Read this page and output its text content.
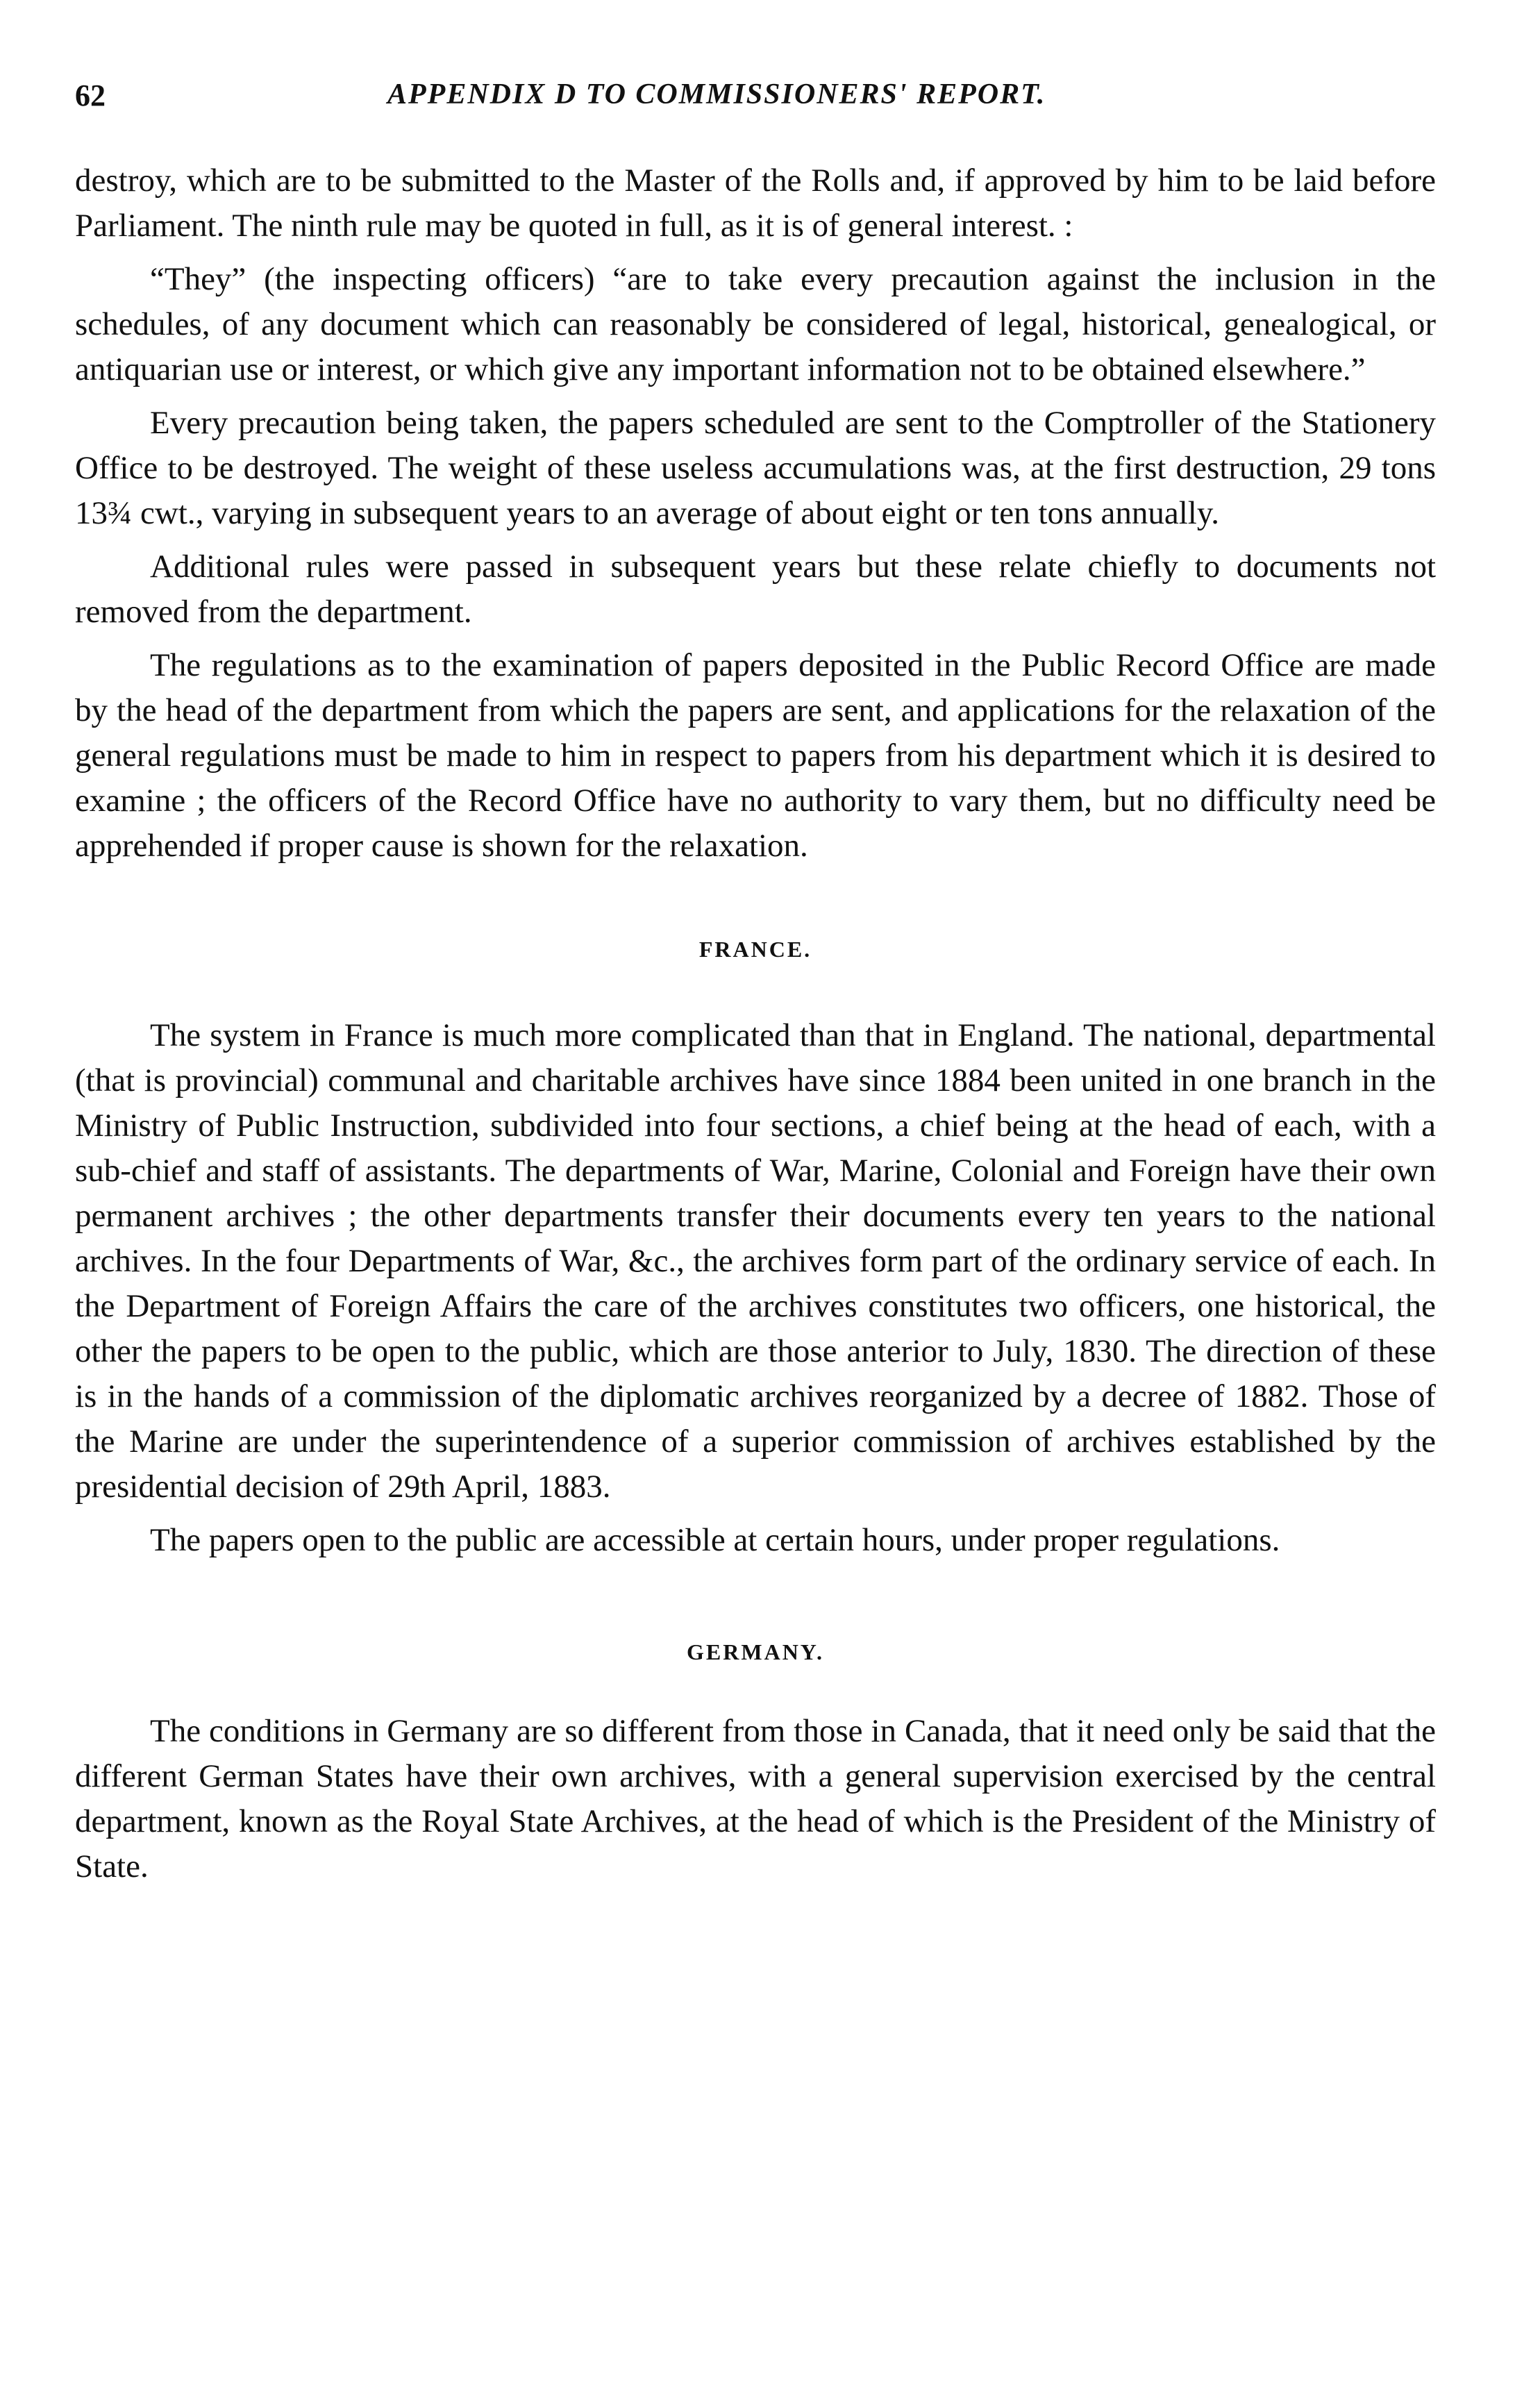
62	APPENDIX D TO COMMISSIONERS' REPORT.

destroy, which are to be submitted to the Master of the Rolls and, if approved by him to be laid before Parliament. The ninth rule may be quoted in full, as it is of general interest. :

“They” (the inspecting officers) “are to take every precaution against the inclusion in the schedules, of any document which can reasonably be considered of legal, historical, genealogical, or antiquarian use or interest, or which give any important information not to be obtained elsewhere.”

Every precaution being taken, the papers scheduled are sent to the Comptroller of the Stationery Office to be destroyed. The weight of these useless accumulations was, at the first destruction, 29 tons 13¾ cwt., varying in subsequent years to an average of about eight or ten tons annually.

Additional rules were passed in subsequent years but these relate chiefly to documents not removed from the department.

The regulations as to the examination of papers deposited in the Public Record Office are made by the head of the department from which the papers are sent, and applications for the relaxation of the general regulations must be made to him in respect to papers from his department which it is desired to examine ; the officers of the Record Office have no authority to vary them, but no difficulty need be apprehended if proper cause is shown for the relaxation.

FRANCE.

The system in France is much more complicated than that in England. The national, departmental (that is provincial) communal and charitable archives have since 1884 been united in one branch in the Ministry of Public Instruction, subdivided into four sections, a chief being at the head of each, with a sub-chief and staff of assistants. The departments of War, Marine, Colonial and Foreign have their own permanent archives ; the other departments transfer their documents every ten years to the national archives. In the four Departments of War, &c., the archives form part of the ordinary service of each. In the Department of Foreign Affairs the care of the archives constitutes two officers, one historical, the other the papers to be open to the public, which are those anterior to July, 1830. The direction of these is in the hands of a commission of the diplomatic archives reorganized by a decree of 1882. Those of the Marine are under the superintendence of a superior commission of archives established by the presidential decision of 29th April, 1883.

The papers open to the public are accessible at certain hours, under proper regulations.

GERMANY.

The conditions in Germany are so different from those in Canada, that it need only be said that the different German States have their own archives, with a general supervision exercised by the central department, known as the Royal State Archives, at the head of which is the President of the Ministry of State.
